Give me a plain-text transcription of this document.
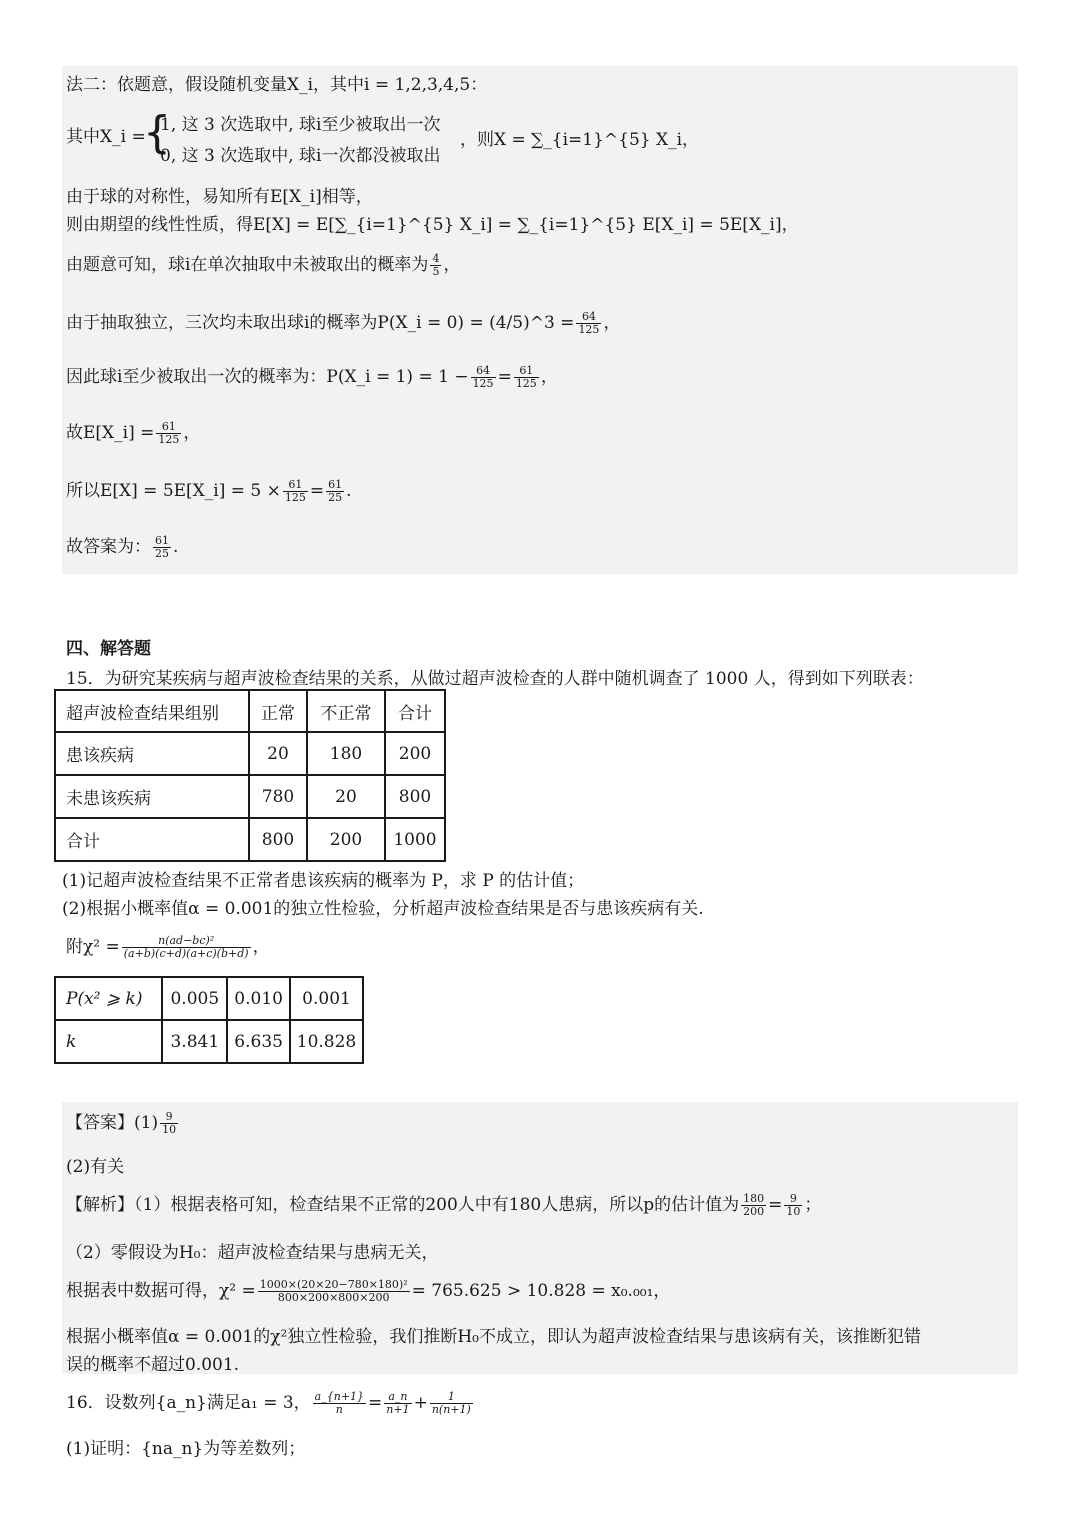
法二：依题意，假设随机变量X_i，其中i = 1,2,3,4,5：
其中X_i =
{
1, 这 3 次选取中, 球i至少被取出一次
0, 这 3 次选取中, 球i一次都没被取出
，则X = ∑_{i=1}^{5} X_i，
由于球的对称性，易知所有E[X_i]相等，
则由期望的线性性质，得E[X] = E[∑_{i=1}^{5} X_i] = ∑_{i=1}^{5} E[X_i] = 5E[X_i]，
由题意可知，球i在单次抽取中未被取出的概率为 $\frac{4}{5}$ ，
由于抽取独立，三次均未取出球i的概率为P(X_i = 0) = (4/5)^3 = $\frac{64}{125}$ ，
因此球i至少被取出一次的概率为：P(X_i = $1) = 1 - \frac{64}{125} = \frac{61}{125}$ ，
故E[X_i] = $\frac{61}{125}$ ，
所以E[X] = 5E[X_i] = $5 \times \frac{61}{125} = \frac{61}{25}$ .
故答案为： $\frac{61}{25}$ .
四、解答题
15．为研究某疾病与超声波检查结果的关系，从做过超声波检查的人群中随机调查了 1000 人，得到如下列联表：
超声波检查结果组别	正常	不正常	合计
患该疾病	20	180	200
未患该疾病	780	20	800
合计	800	200	1000
(1)记超声波检查结果不正常者患该疾病的概率为 P，求 P 的估计值；
(2)根据小概率值α = 0.001的独立性检验，分析超声波检查结果是否与患该疾病有关.
附$\chi^2 = \frac{\text{n(ad−bc)²}}{(a+b)(c+d)(a+c)(b+d)}$ ，
P(x² ⩾ k)	0.005	0.010	0.001
k	3.841	6.635	10.828
【答案】$(1) \frac{9}{10}$
(2)有关
【解析】（1）根据表格可知，检查结果不正常的200人中有180人患病，所以p的估计值为 $\frac{180}{200} = \frac{9}{10}$ ；
（2）零假设为H₀：超声波检查结果与患病无关，
根据表中数据可得，$\chi^2 = \frac{\text{1000×(20×20−780×180)²}}{800\times 200\times 800\times 200} = 765.625 > 10.828 = x_0._{001}$，
根据小概率值α = 0.001的χ²独立性检验，我们推断H₀不成立，即认为超声波检查结果与患该病有关，该推断犯错
误的概率不超过0.001.
16．设数列{a_n}满足a₁ = 3， $\frac{a\_\{n+1\}}{n} = \frac{a\_n}{n+1} + \frac{1}{n(n+1)}$
(1)证明：{na_n}为等差数列；
